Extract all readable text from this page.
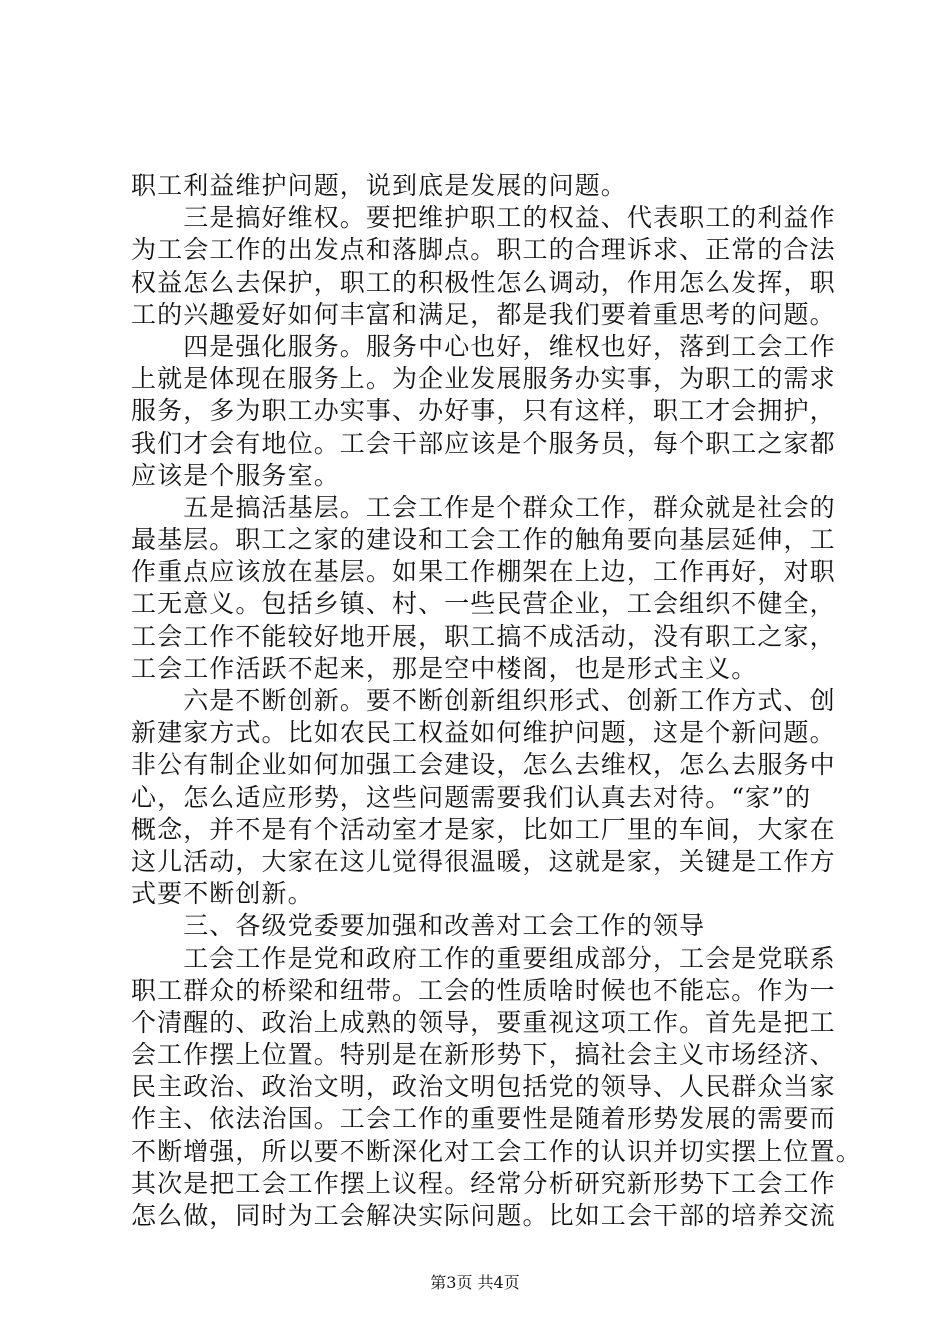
职工利益维护问题，说到底是发展的问题。
　　三是搞好维权。要把维护职工的权益、代表职工的利益作
为工会工作的出发点和落脚点。职工的合理诉求、正常的合法
权益怎么去保护，职工的积极性怎么调动，作用怎么发挥，职
工的兴趣爱好如何丰富和满足，都是我们要着重思考的问题。
　　四是强化服务。服务中心也好，维权也好，落到工会工作
上就是体现在服务上。为企业发展服务办实事，为职工的需求
服务，多为职工办实事、办好事，只有这样，职工才会拥护，
我们才会有地位。工会干部应该是个服务员，每个职工之家都
应该是个服务室。
　　五是搞活基层。工会工作是个群众工作，群众就是社会的
最基层。职工之家的建设和工会工作的触角要向基层延伸，工
作重点应该放在基层。如果工作棚架在上边，工作再好，对职
工无意义。包括乡镇、村、一些民营企业，工会组织不健全，
工会工作不能较好地开展，职工搞不成活动，没有职工之家，
工会工作活跃不起来，那是空中楼阁，也是形式主义。
　　六是不断创新。要不断创新组织形式、创新工作方式、创
新建家方式。比如农民工权益如何维护问题，这是个新问题。
非公有制企业如何加强工会建设，怎么去维权，怎么去服务中
心，怎么适应形势，这些问题需要我们认真去对待。“家”的
概念，并不是有个活动室才是家，比如工厂里的车间，大家在
这儿活动，大家在这儿觉得很温暖，这就是家，关键是工作方
式要不断创新。
　　三、各级党委要加强和改善对工会工作的领导
　　工会工作是党和政府工作的重要组成部分，工会是党联系
职工群众的桥梁和纽带。工会的性质啥时候也不能忘。作为一
个清醒的、政治上成熟的领导，要重视这项工作。首先是把工
会工作摆上位置。特别是在新形势下，搞社会主义市场经济、
民主政治、政治文明，政治文明包括党的领导、人民群众当家
作主、依法治国。工会工作的重要性是随着形势发展的需要而
不断增强，所以要不断深化对工会工作的认识并切实摆上位置。
其次是把工会工作摆上议程。经常分析研究新形势下工会工作
怎么做，同时为工会解决实际问题。比如工会干部的培养交流
第3页 共4页
